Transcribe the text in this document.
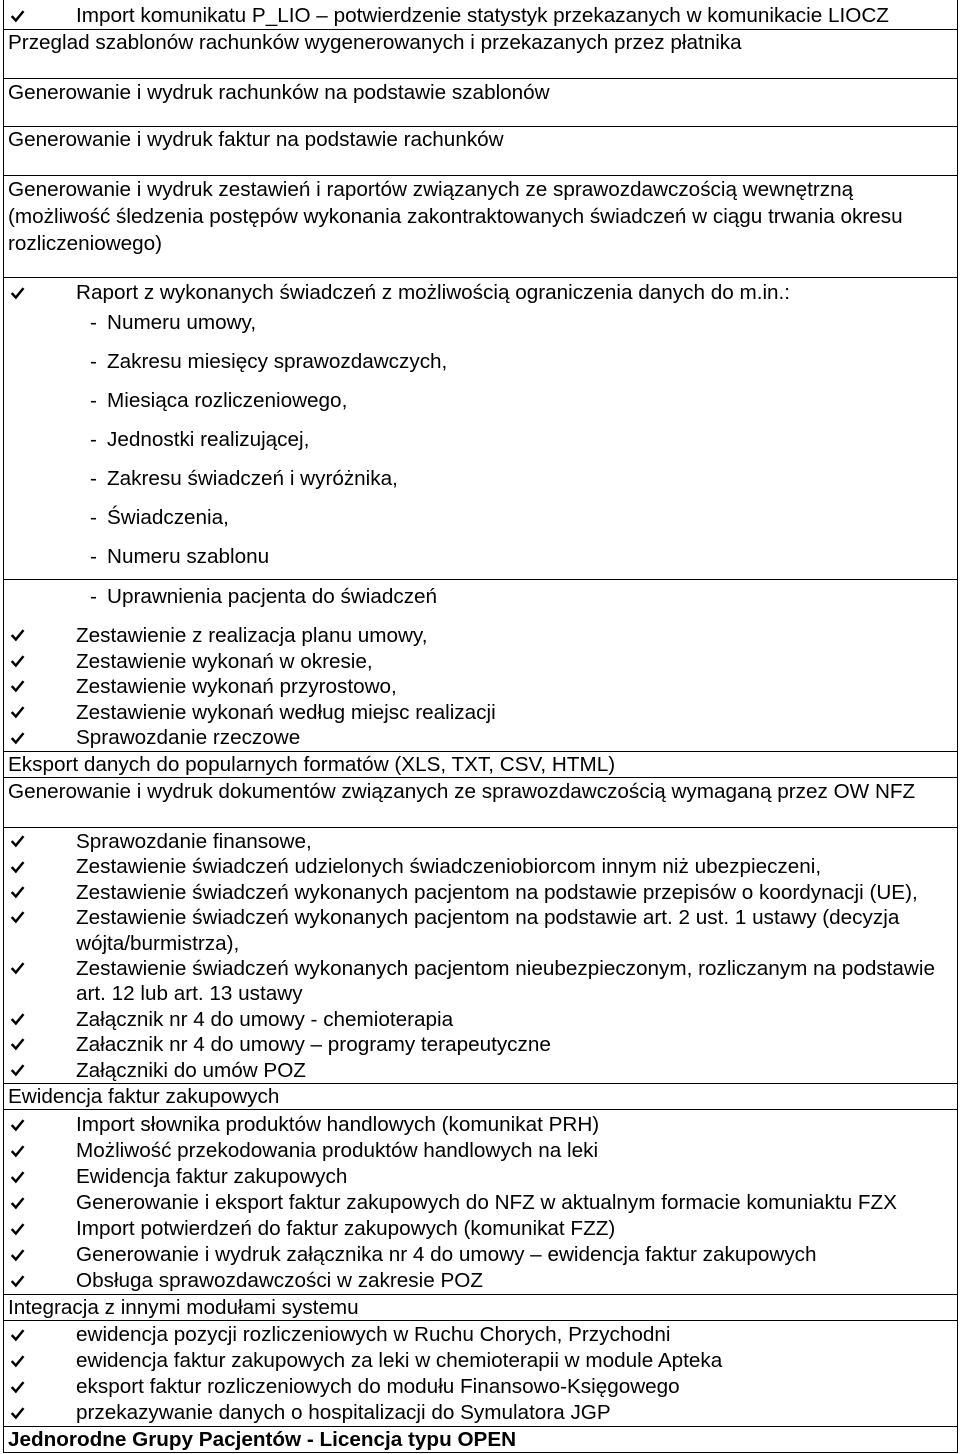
Import komunikatu P_LIO – potwierdzenie statystyk przekazanych w komunikacie LIOCZ
Przeglad szablonów rachunków wygenerowanych i przekazanych przez płatnika
Generowanie i wydruk rachunków na podstawie szablonów
Generowanie i wydruk faktur na podstawie rachunków
Generowanie i wydruk zestawień i raportów związanych ze sprawozdawczością wewnętrzną
(możliwość śledzenia postępów wykonania zakontraktowanych świadczeń w ciągu trwania okresu
rozliczeniowego)
Raport z wykonanych świadczeń z możliwością ograniczenia danych do m.in.:
- Numeru umowy,
- Zakresu miesięcy sprawozdawczych,
- Miesiąca rozliczeniowego,
- Jednostki realizującej,
- Zakresu świadczeń i wyróżnika,
- Świadczenia,
- Numeru szablonu
- Uprawnienia pacjenta do świadczeń
Zestawienie z realizacja planu umowy,
Zestawienie wykonań w okresie,
Zestawienie wykonań przyrostowo,
Zestawienie wykonań według miejsc realizacji
Sprawozdanie rzeczowe
Eksport danych do popularnych formatów (XLS, TXT, CSV, HTML)
Generowanie i wydruk dokumentów związanych ze sprawozdawczością wymaganą przez OW NFZ
Sprawozdanie finansowe,
Zestawienie świadczeń udzielonych świadczeniobiorcom innym niż ubezpieczeni,
Zestawienie świadczeń wykonanych pacjentom na podstawie przepisów o koordynacji (UE),
Zestawienie świadczeń wykonanych pacjentom na podstawie art. 2 ust. 1 ustawy (decyzja
wójta/burmistrza),
Zestawienie świadczeń wykonanych pacjentom nieubezpieczonym, rozliczanym na podstawie
art. 12 lub art. 13 ustawy
Załącznik nr 4 do umowy - chemioterapia
Załacznik nr 4 do umowy – programy terapeutyczne
Załączniki do umów POZ
Ewidencja faktur zakupowych
Import słownika produktów handlowych (komunikat PRH)
Możliwość przekodowania produktów handlowych na leki
Ewidencja faktur zakupowych
Generowanie i eksport faktur zakupowych do NFZ w aktualnym formacie komuniaktu FZX
Import potwierdzeń do faktur zakupowych (komunikat FZZ)
Generowanie i wydruk załącznika nr 4 do umowy – ewidencja faktur zakupowych
Obsługa sprawozdawczości w zakresie POZ
Integracja z innymi modułami systemu
ewidencja pozycji rozliczeniowych w Ruchu Chorych, Przychodni
ewidencja faktur zakupowych za leki w chemioterapii w module Apteka
eksport faktur rozliczeniowych do modułu Finansowo-Księgowego
przekazywanie danych o hospitalizacji do Symulatora JGP
Jednorodne Grupy Pacjentów - Licencja typu OPEN
